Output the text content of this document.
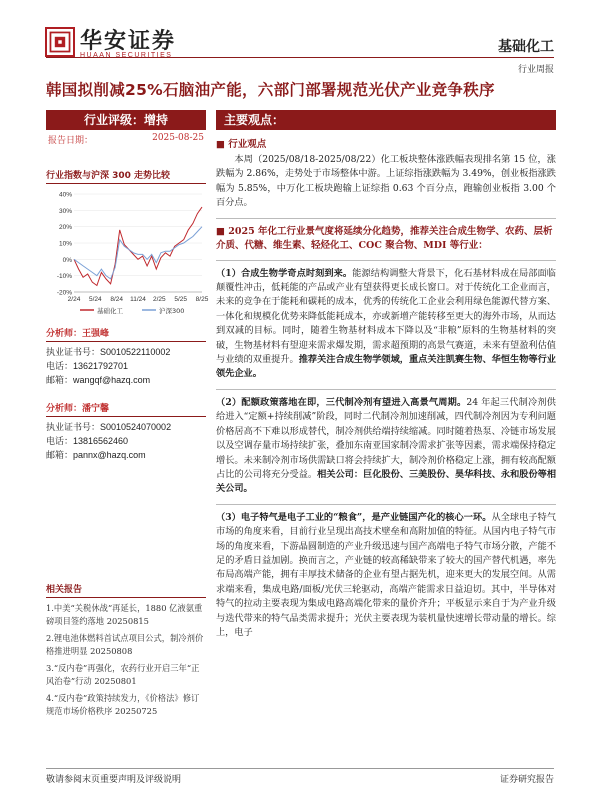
华安证券
HUAAN SECURITIES
基础化工
行业周报
韩国拟削减25%石脑油产能，六部门部署规范光伏产业竞争秩序
行业评级：增持
报告日期：	2025-08-25
行业指数与沪深 300 走势比较
-20%
-10%
0%
10%
20%
30%
40%
2/24 5/24 8/24 11/24 2/25 5/25 8/25
基础化工	沪深300
分析师：王强峰
执业证书号：S0010522110002
电话：13621792701
邮箱：wangqf@hazq.com
分析师：潘宁馨
执业证书号：S0010524070002
电话：13816562460
邮箱：pannx@hazq.com
相关报告
1.中美“关税休战”再延长，1880 亿液氨重磅项目签约落地 20250815
2.锂电池体燃料首试点项目公式，制冷剂价格推进明显 20250808
3.“反内卷”再强化，农药行业开启三年“正风治卷”行动 20250801
4.“反内卷”政策持续发力，《价格法》修订规范市场价格秩序 20250725
主要观点：
■ 行业观点
本周（2025/08/18-2025/08/22）化工板块整体涨跌幅表现排名第 15 位，涨跌幅为 2.86%，走势处于市场整体中游。上证综指涨跌幅为 3.49%，创业板指涨跌幅为 5.85%，中万化工板块跑输上证综指 0.63 个百分点，跑输创业板指 3.00 个百分点。
■ 2025 年化工行业景气度将延续分化趋势，推荐关注合成生物学、农药、层析介质、代糖、维生素、轻烃化工、COC 聚合物、MDI 等行业：
（1）合成生物学奇点时刻到来。能源结构调整大背景下，化石基材料成在局部面临颠覆性冲击，低耗能的产品或产业有望获得更长成长窗口。对于传统化工企业而言，未来的竞争在于能耗和碳耗的成本，优秀的传统化工企业会利用绿色能源代替方案、一体化和规模化优势来降低能耗成本，亦或新增产能转移至更大的海外市场，从而达到双减的目标。同时，随着生物基材料成本下降以及“非粮”原料的生物基材料的突破，生物基材料有望迎来需求爆发期，需求超预期的高景气赛道，未来有望盈利估值与业绩的双重提升。推荐关注合成生物学领域，重点关注凯赛生物、华恒生物等行业领先企业。
（2）配额政策落地在即，三代制冷剂有望进入高景气周期。24 年起三代制冷剂供给进入“定额+持续削减”阶段，同时二代制冷剂加速削减，四代制冷剂因为专利问题价格居高不下难以形成替代，制冷剂供给端持续缩减。同时随着热泵、冷链市场发展以及空调存量市场持续扩张，叠加东南亚国家制冷需求扩张等因素，需求端保持稳定增长。未来制冷剂市场供需缺口将会持续扩大，制冷剂价格稳定上涨，拥有较高配额占比的公司将充分受益。相关公司：巨化股份、三美股份、昊华科技、永和股份等相关公司。
（3）电子特气是电子工业的“粮食”，是产业链国产化的核心一环。从全球电子特气市场的角度来看，目前行业呈现出高技术壁垒和高附加值的特征。从国内电子特气市场的角度来看，下游晶圆制造的产业升级迅速与国产高端电子特气市场分散，产能不足的矛盾日益加剧。换而言之，产业链的较高稀缺带来了较大的国产替代机遇，率先布局高端产能，拥有丰厚技术储备的企业有望占据先机，迎来更大的发展空间。从需求端来看，集成电路/面板/光伏三轮驱动，高端产能需求日益迫切。其中，半导体对特气的拉动主要表现为集成电路高端化带来的量价齐升；平板显示来自于为产业升级与迭代带来的特气品类需求提升；光伏主要表现为装机量快速增长带动量的增长。综上，电子
敬请参阅末页重要声明及评级说明	证券研究报告
